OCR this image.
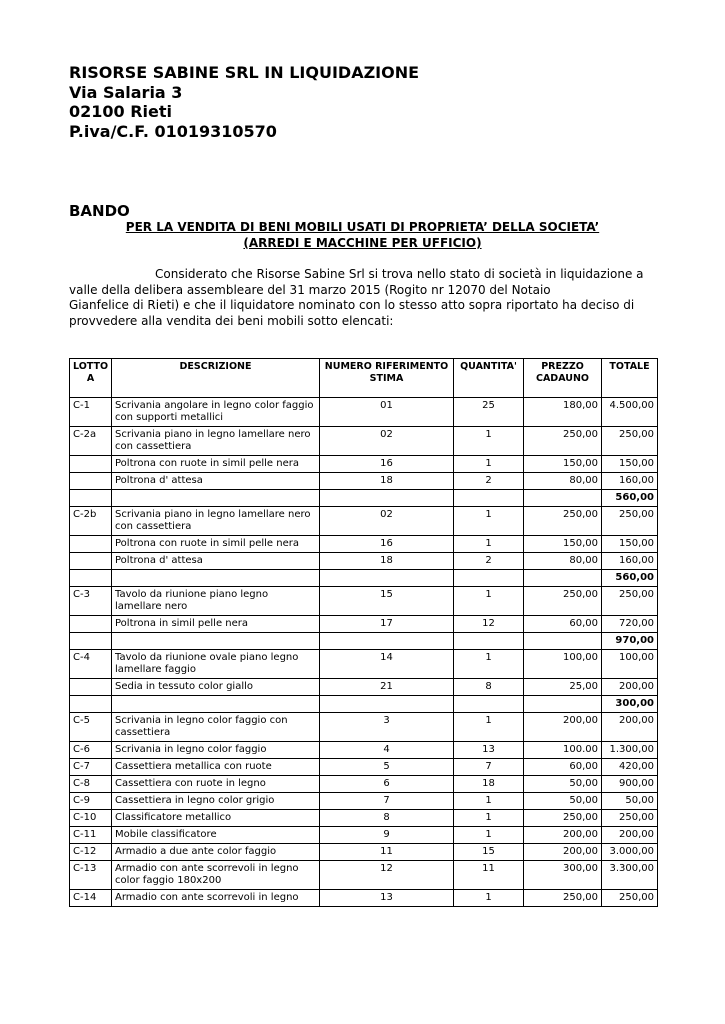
RISORSE SABINE SRL IN LIQUIDAZIONE
Via Salaria 3
02100 Rieti
P.iva/C.F. 01019310570
BANDO
PER LA VENDITA DI BENI MOBILI USATI DI PROPRIETA’ DELLA SOCIETA’
(ARREDI E MACCHINE PER UFFICIO)
Considerato che Risorse Sabine Srl si trova nello stato di società in liquidazione a
valle della delibera assembleare del 31 marzo 2015 (Rogito nr 12070 del Notaio
Gianfelice di Rieti) e che il liquidatore nominato con lo stesso atto sopra riportato ha deciso di
provvedere alla vendita dei beni mobili sotto elencati:
LOTTO A	DESCRIZIONE	NUMERO RIFERIMENTO STIMA	QUANTITA'	PREZZO CADAUNO	TOTALE
C-1	Scrivania angolare in legno color faggio con supporti metallici	01	25	180,00	4.500,00
C-2a	Scrivania piano in legno lamellare nero con cassettiera	02	1	250,00	250,00
	Poltrona con ruote in simil pelle nera	16	1	150,00	150,00
	Poltrona d' attesa	18	2	80,00	160,00
					560,00
C-2b	Scrivania piano in legno lamellare nero con cassettiera	02	1	250,00	250,00
	Poltrona con ruote in simil pelle nera	16	1	150,00	150,00
	Poltrona d' attesa	18	2	80,00	160,00
					560,00
C-3	Tavolo da riunione piano legno lamellare nero	15	1	250,00	250,00
	Poltrona in simil pelle nera	17	12	60,00	720,00
					970,00
C-4	Tavolo da riunione ovale piano legno lamellare faggio	14	1	100,00	100,00
	Sedia in tessuto color giallo	21	8	25,00	200,00
					300,00
C-5	Scrivania in legno color faggio con cassettiera	3	1	200,00	200,00
C-6	Scrivania in legno color faggio	4	13	100.00	1.300,00
C-7	Cassettiera metallica con ruote	5	7	60,00	420,00
C-8	Cassettiera con ruote in legno	6	18	50,00	900,00
C-9	Cassettiera in legno color grigio	7	1	50,00	50,00
C-10	Classificatore metallico	8	1	250,00	250,00
C-11	Mobile classificatore	9	1	200,00	200,00
C-12	Armadio a due ante color faggio	11	15	200,00	3.000,00
C-13	Armadio con ante scorrevoli in legno color faggio 180x200	12	11	300,00	3.300,00
C-14	Armadio con ante scorrevoli in legno	13	1	250,00	250,00
